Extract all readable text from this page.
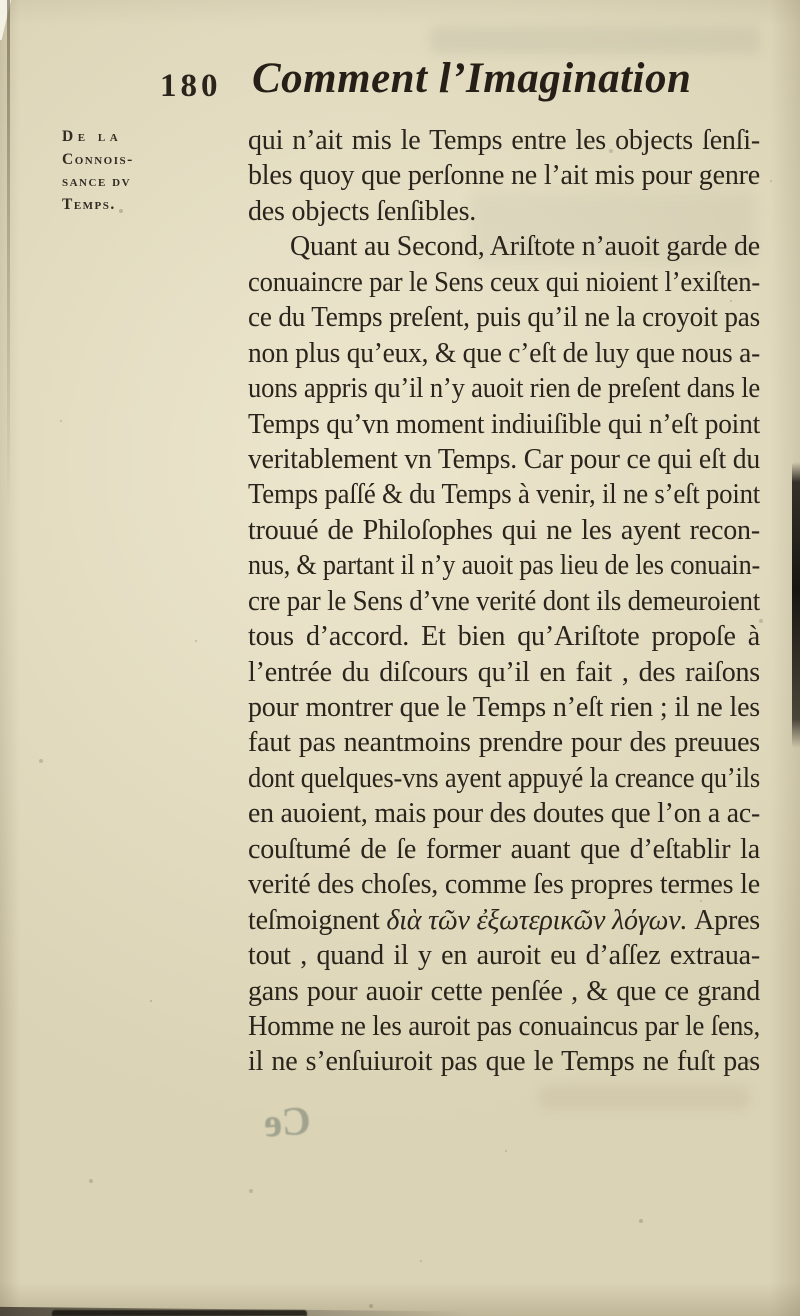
180 Comment l’Imagination
De la
Connois-
sance dv
Temps.
qui n’ait mis le Temps entre les objects ſenſi-
bles quoy que perſonne ne l’ait mis pour genre
des objects ſenſibles.
Quant au Second, Ariſtote n’auoit garde de
conuaincre par le Sens ceux qui nioient l’exiſten-
ce du Temps preſent, puis qu’il ne la croyoit pas
non plus qu’eux, & que c’eſt de luy que nous a-
uons appris qu’il n’y auoit rien de preſent dans le
Temps qu’vn moment indiuiſible qui n’eſt point
veritablement vn Temps. Car pour ce qui eſt du
Temps paſſé & du Temps à venir, il ne s’eſt point
trouué de Philoſophes qui ne les ayent recon-
nus, & partant il n’y auoit pas lieu de les conuain-
cre par le Sens d’vne verité dont ils demeuroient
tous d’accord. Et bien qu’Ariſtote propoſe à
l’entrée du diſcours qu’il en fait , des raiſons
pour montrer que le Temps n’eſt rien ; il ne les
faut pas neantmoins prendre pour des preuues
dont quelques-vns ayent appuyé la creance qu’ils
en auoient, mais pour des doutes que l’on a ac-
couſtumé de ſe former auant que d’eſtablir la
verité des choſes, comme ſes propres termes le
teſmoignent διὰ τῶν ἐξωτερικῶν λόγων. Apres
tout , quand il y en auroit eu d’aſſez extraua-
gans pour auoir cette penſée , & que ce grand
Homme ne les auroit pas conuaincus par le ſens,
il ne s’enſuiuroit pas que le Temps ne fuſt pas
Ce
